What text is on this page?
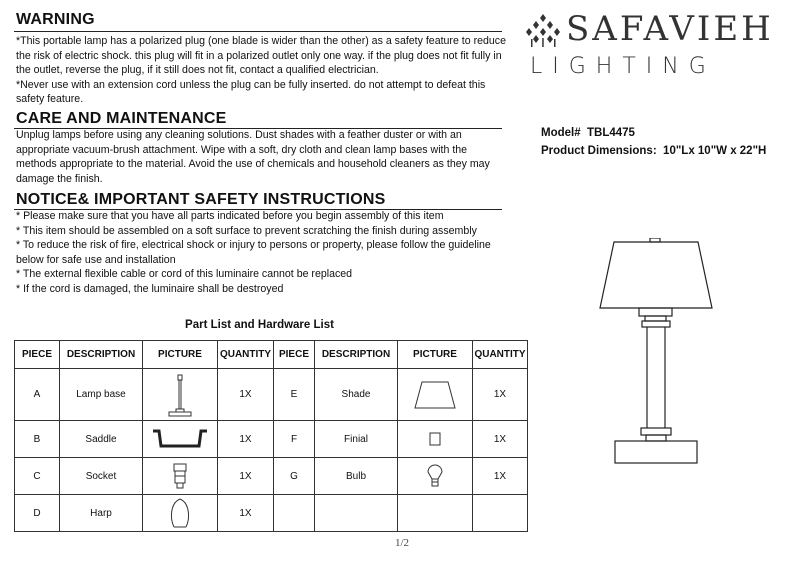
WARNING
*This portable lamp has a polarized plug (one blade is wider than the other) as a safety feature to reduce
the risk of electric shock. this plug will fit in a polarized outlet only one way. if the plug does not fit fully in
the outlet, reverse the plug, if it still does not fit, contact a qualified electrician.
*Never use with an extension cord unless the plug can be fully inserted. do not attempt to defeat this
safety feature.
CARE AND MAINTENANCE
Unplug lamps before using any cleaning solutions. Dust shades with a feather duster or with an
appropriate vacuum-brush attachment. Wipe with a soft, dry cloth and clean lamp bases with the
methods appropriate to the material. Avoid the use of chemicals and household cleaners as they may
damage the finish.
NOTICE& IMPORTANT SAFETY INSTRUCTIONS
* Please make sure that you have all parts indicated before you begin assembly of this item
* This item should be assembled on a soft surface to prevent scratching the finish during assembly
* To reduce the risk of fire, electrical shock or injury to persons or property, please follow the guideline
below for safe use and installation
* The external flexible cable or cord of this luminaire cannot be replaced
* If the cord is damaged, the luminaire shall be destroyed
SAFAVIEH
LIGHTING
Model# TBL4475
Product Dimensions: 10"Lx 10"W x 22"H
Part List and Hardware List
PIECE	DESCRIPTION	PICTURE	QUANTITY	PIECE	DESCRIPTION	PICTURE	QUANTITY
A	Lamp base		1X	E	Shade		1X
B	Saddle		1X	F	Finial		1X
C	Socket		1X	G	Bulb		1X
D	Harp		1X				
1/2
